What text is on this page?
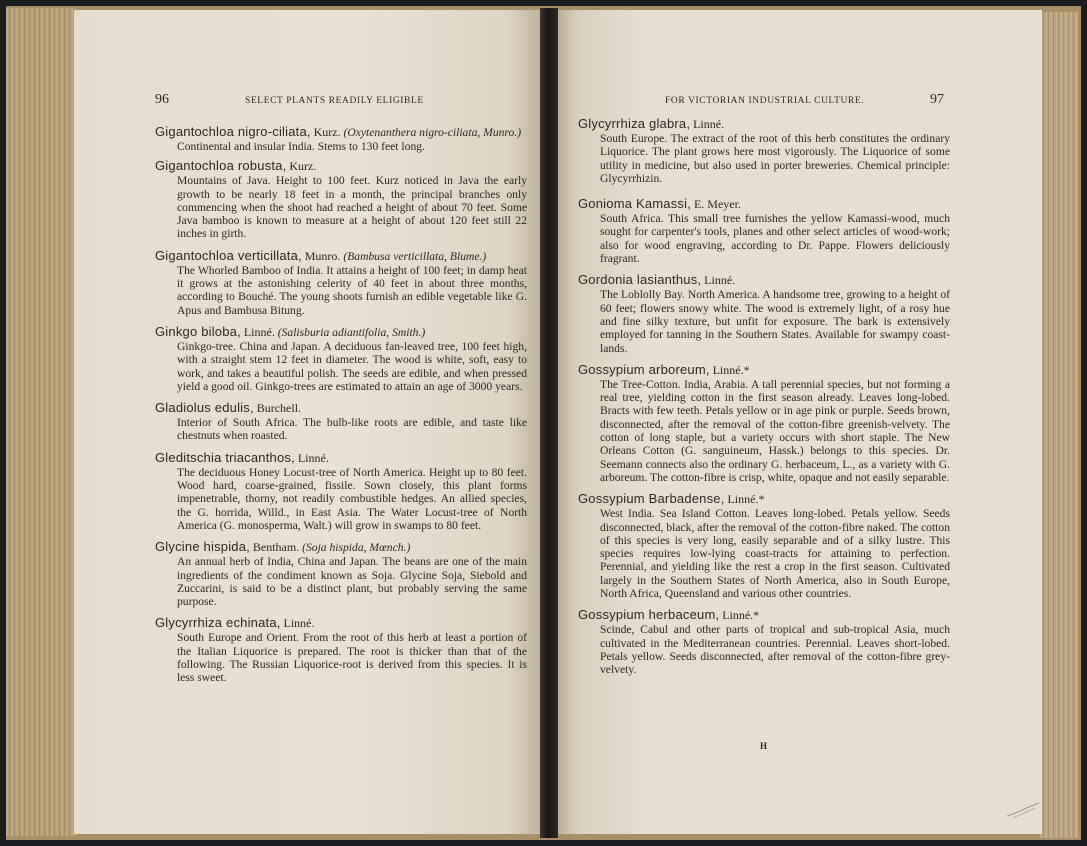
96	SELECT PLANTS READILY ELIGIBLE	FOR VICTORIAN INDUSTRIAL CULTURE.	97
Gigantochloa nigro-ciliata, Kurz. (Oxytenanthera nigro-ciliata, Munro.)
Continental and insular India. Stems to 130 feet long.
Gigantochloa robusta, Kurz.
Mountains of Java. Height to 100 feet. Kurz noticed in Java the early growth to be nearly 18 feet in a month, the principal branches only commencing when the shoot had reached a height of about 70 feet. Some Java bamboo is known to measure at a height of about 120 feet still 22 inches in girth.
Gigantochloa verticillata, Munro. (Bambusa verticillata, Blume.)
The Whorled Bamboo of India. It attains a height of 100 feet; in damp heat it grows at the astonishing celerity of 40 feet in about three months, according to Bouché. The young shoots furnish an edible vegetable like G. Apus and Bambusa Bitung.
Ginkgo biloba, Linné. (Salisburia adiantifolia, Smith.)
Ginkgo-tree. China and Japan. A deciduous fan-leaved tree, 100 feet high, with a straight stem 12 feet in diameter. The wood is white, soft, easy to work, and takes a beautiful polish. The seeds are edible, and when pressed yield a good oil. Ginkgo-trees are estimated to attain an age of 3000 years.
Gladiolus edulis, Burchell.
Interior of South Africa. The bulb-like roots are edible, and taste like chestnuts when roasted.
Gleditschia triacanthos, Linné.
The deciduous Honey Locust-tree of North America. Height up to 80 feet. Wood hard, coarse-grained, fissile. Sown closely, this plant forms impenetrable, thorny, not readily combustible hedges. An allied species, the G. horrida, Willd., in East Asia. The Water Locust-tree of North America (G. monosperma, Walt.) will grow in swamps to 80 feet.
Glycine hispida, Bentham. (Soja hispida, Mœnch.)
An annual herb of India, China and Japan. The beans are one of the main ingredients of the condiment known as Soja. Glycine Soja, Siebold and Zuccarini, is said to be a distinct plant, but probably serving the same purpose.
Glycyrrhiza echinata, Linné.
South Europe and Orient. From the root of this herb at least a portion of the Italian Liquorice is prepared. The root is thicker than that of the following. The Russian Liquorice-root is derived from this species. It is less sweet.
Glycyrrhiza glabra, Linné.
South Europe. The extract of the root of this herb constitutes the ordinary Liquorice. The plant grows here most vigorously. The Liquorice of some utility in medicine, but also used in porter breweries. Chemical principle: Glycyrrhizin.
Gonioma Kamassi, E. Meyer.
South Africa. This small tree furnishes the yellow Kamassi-wood, much sought for carpenter's tools, planes and other select articles of wood-work; also for wood engraving, according to Dr. Pappe. Flowers deliciously fragrant.
Gordonia lasianthus, Linné.
The Loblolly Bay. North America. A handsome tree, growing to a height of 60 feet; flowers snowy white. The wood is extremely light, of a rosy hue and fine silky texture, but unfit for exposure. The bark is extensively employed for tanning in the Southern States. Available for swampy coast-lands.
Gossypium arboreum, Linné.*
The Tree-Cotton. India, Arabia. A tall perennial species, but not forming a real tree, yielding cotton in the first season already. Leaves long-lobed. Bracts with few teeth. Petals yellow or in age pink or purple. Seeds brown, disconnected, after the removal of the cotton-fibre greenish-velvety. The cotton of long staple, but a variety occurs with short staple. The New Orleans Cotton (G. sanguineum, Hassk.) belongs to this species. Dr. Seemann connects also the ordinary G. herbaceum, L., as a variety with G. arboreum. The cotton-fibre is crisp, white, opaque and not easily separable.
Gossypium Barbadense, Linné.*
West India. Sea Island Cotton. Leaves long-lobed. Petals yellow. Seeds disconnected, black, after the removal of the cotton-fibre naked. The cotton of this species is very long, easily separable and of a silky lustre. This species requires low-lying coast-tracts for attaining to perfection. Perennial, and yielding like the rest a crop in the first season. Cultivated largely in the Southern States of North America, also in South Europe, North Africa, Queensland and various other countries.
Gossypium herbaceum, Linné.*
Scinde, Cabul and other parts of tropical and sub-tropical Asia, much cultivated in the Mediterranean countries. Perennial. Leaves short-lobed. Petals yellow. Seeds disconnected, after removal of the cotton-fibre grey-velvety.
H
